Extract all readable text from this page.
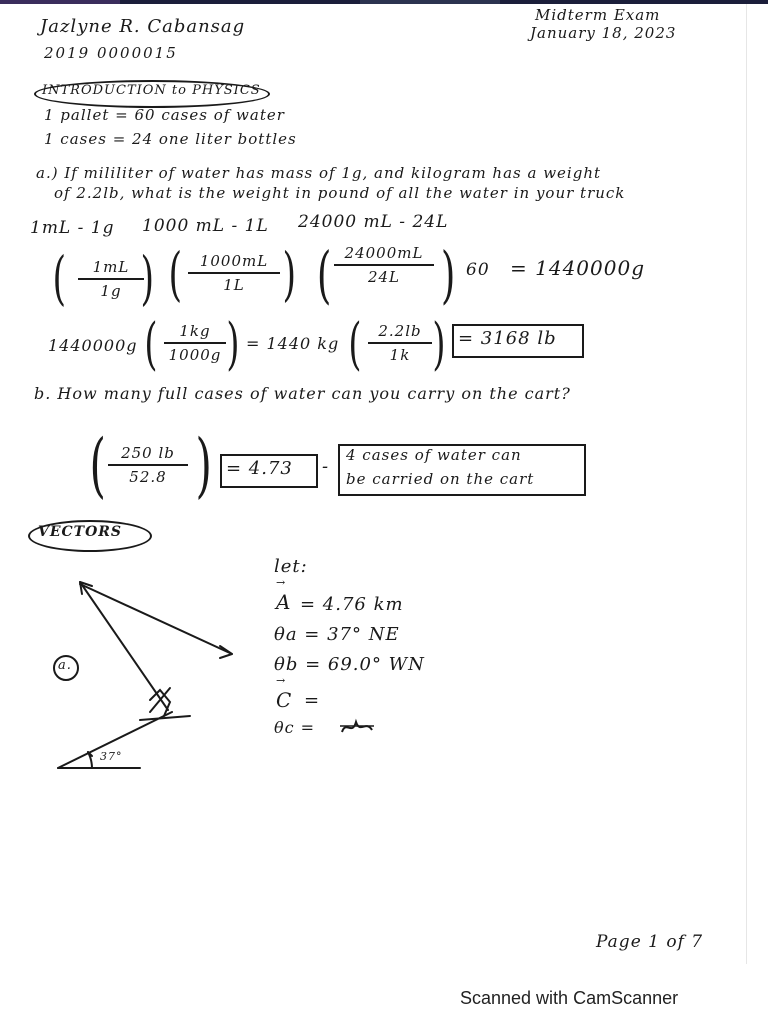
Jazlyne R. Cabansag
2019 0000015
Midterm Exam
January 18, 2023
INTRODUCTION to PHYSICS
1 pallet = 60 cases of water
1 cases = 24 one liter bottles
a.) If mililiter of water has mass of 1g, and kilogram has a weight
of 2.2lb, what is the weight in pound of all the water in your truck
1mL - 1g 1000 mL - 1L 24000 mL - 24L
( 1mL
1g ) ( 1000mL
1L ) ( 24000mL
24L ) 60 = 1440000g
1440000g ( 1kg
1000g ) = 1440 kg ( 2.2lb
1k ) = 3168 lb
b. How many full cases of water can you carry on the cart?
( 250 lb
52.8 ) = 4.73 -
4 cases of water can
be carried on the cart
VECTORS
a.
37°
let:
→
A = 4.76 km
θa = 37° NE
θb = 69.0° WN
→
C =
θc =
Page 1 of 7
Scanned with CamScanner
